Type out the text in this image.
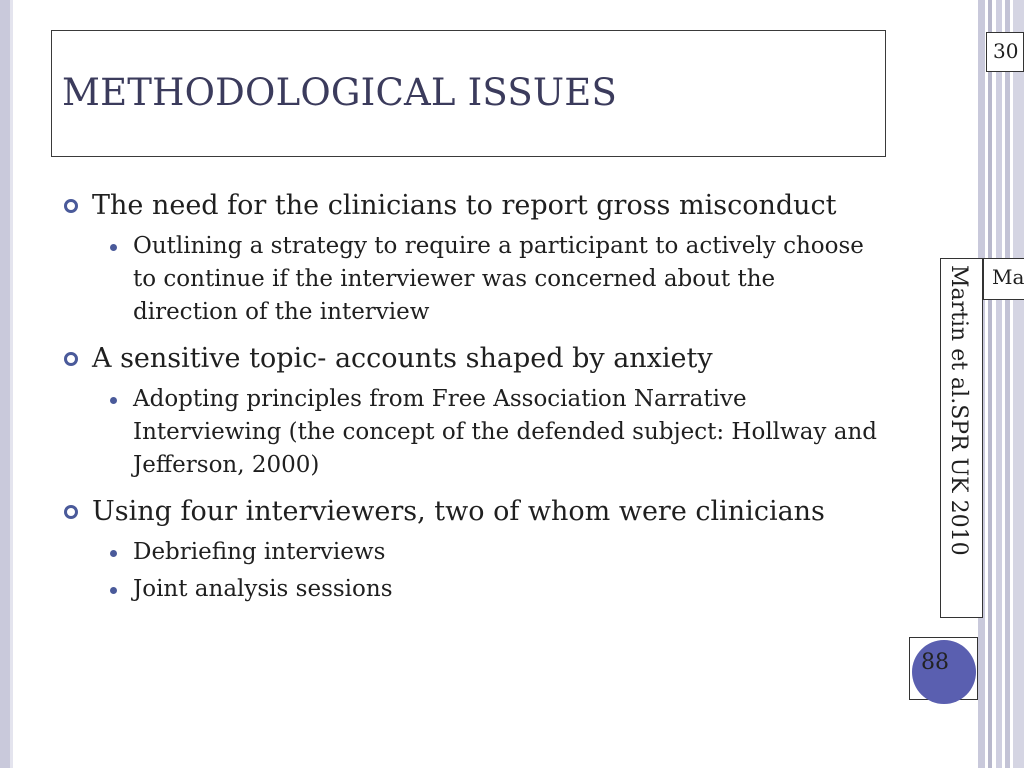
METHODOLOGICAL ISSUES
The need for the clinicians to report gross misconduct
Outlining a strategy to require a participant to actively choose to continue if the interviewer was concerned about the direction of the interview
A sensitive topic- accounts shaped by anxiety
Adopting principles from Free Association Narrative Interviewing (the concept of the defended subject: Hollway and Jefferson, 2000)
Using four interviewers, two of whom were clinicians
Debriefing interviews
Joint analysis sessions
30
Martin et al.SPR UK 2010	Ma
88
